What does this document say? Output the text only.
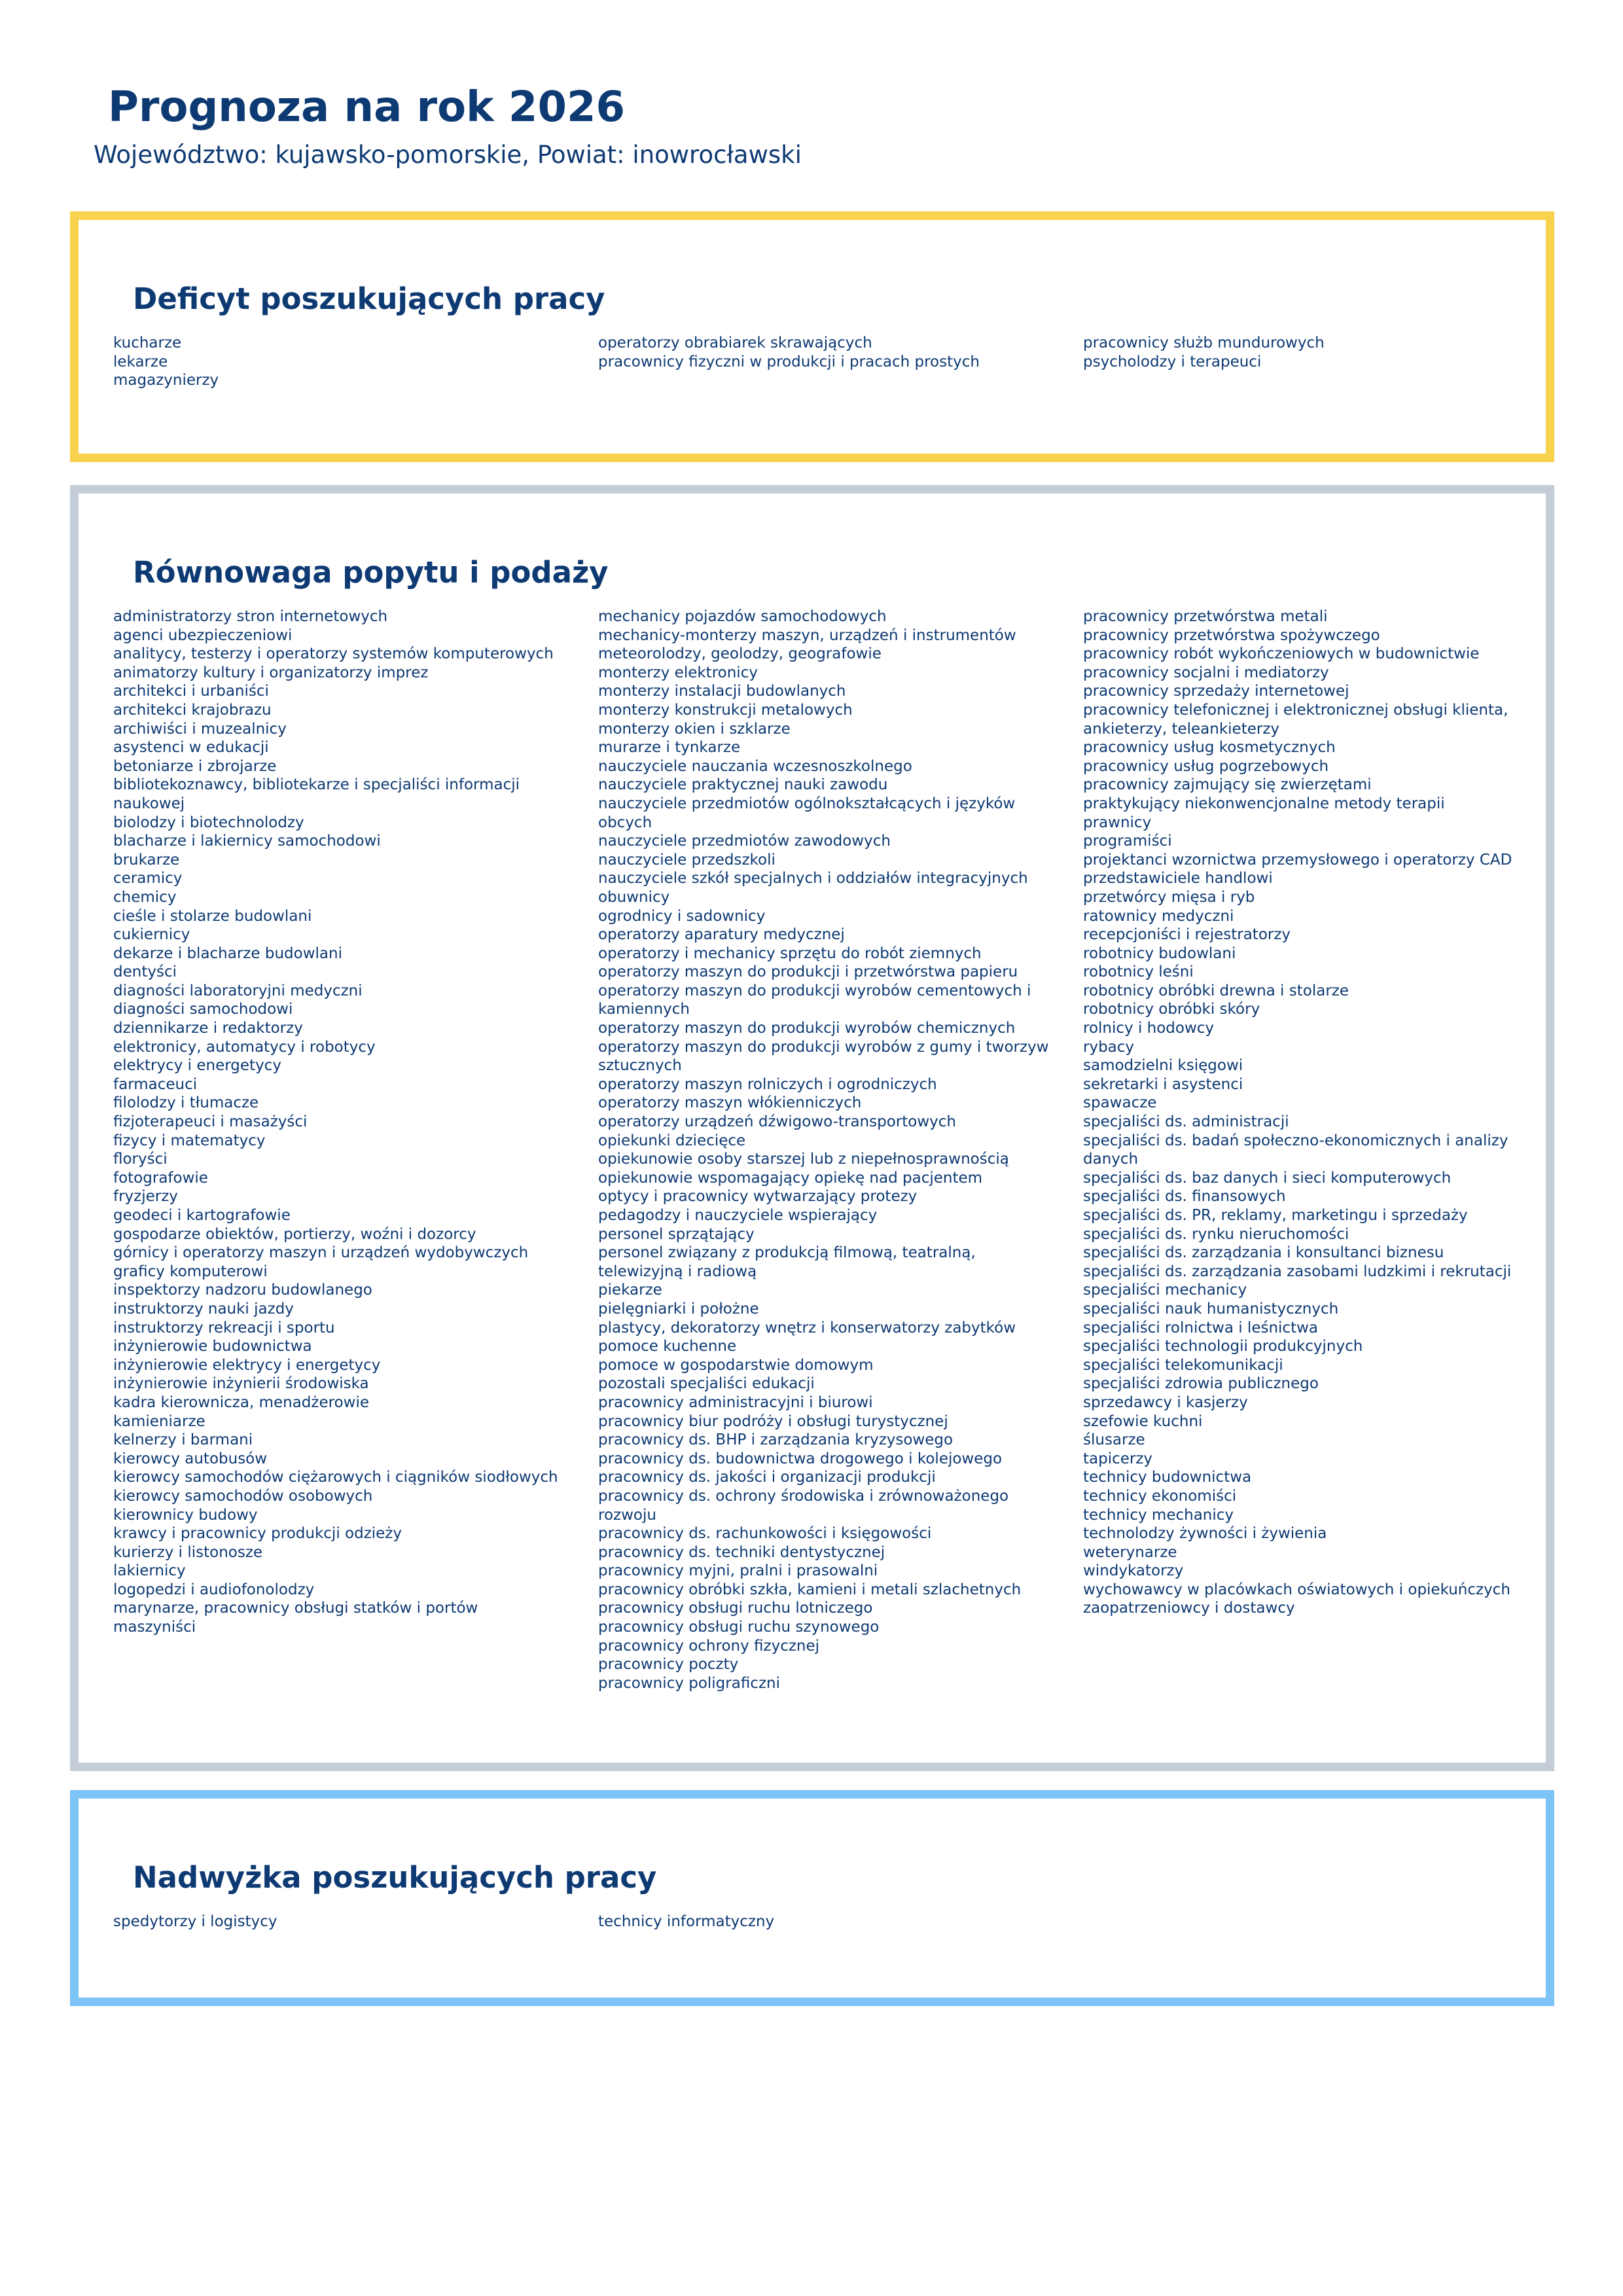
Prognoza na rok 2026

Województwo: kujawsko-pomorskie, Powiat: inowrocławski

Deficyt poszukujących pracy
kucharze
lekarze
magazynierzy
operatorzy obrabiarek skrawających
pracownicy fizyczni w produkcji i pracach prostych
pracownicy służb mundurowych
psycholodzy i terapeuci
Równowaga popytu i podaży
administratorzy stron internetowych
agenci ubezpieczeniowi
analitycy, testerzy i operatorzy systemów komputerowych
animatorzy kultury i organizatorzy imprez
architekci i urbaniści
architekci krajobrazu
archiwiści i muzealnicy
asystenci w edukacji
betoniarze i zbrojarze
bibliotekoznawcy, bibliotekarze i specjaliści informacji naukowej
biolodzy i biotechnolodzy
blacharze i lakiernicy samochodowi
brukarze
ceramicy
chemicy
cieśle i stolarze budowlani
cukiernicy
dekarze i blacharze budowlani
dentyści
diagności laboratoryjni medyczni
diagności samochodowi
dziennikarze i redaktorzy
elektronicy, automatycy i robotycy
elektrycy i energetycy
farmaceuci
filolodzy i tłumacze
fizjoterapeuci i masażyści
fizycy i matematycy
floryści
fotografowie
fryzjerzy
geodeci i kartografowie
gospodarze obiektów, portierzy, woźni i dozorcy
górnicy i operatorzy maszyn i urządzeń wydobywczych
graficy komputerowi
inspektorzy nadzoru budowlanego
instruktorzy nauki jazdy
instruktorzy rekreacji i sportu
inżynierowie budownictwa
inżynierowie elektrycy i energetycy
inżynierowie inżynierii środowiska
kadra kierownicza, menadżerowie
kamieniarze
kelnerzy i barmani
kierowcy autobusów
kierowcy samochodów ciężarowych i ciągników siodłowych
kierowcy samochodów osobowych
kierownicy budowy
krawcy i pracownicy produkcji odzieży
kurierzy i listonosze
lakiernicy
logopedzi i audiofonolodzy
marynarze, pracownicy obsługi statków i portów
maszyniści
mechanicy pojazdów samochodowych
mechanicy-monterzy maszyn, urządzeń i instrumentów
meteorolodzy, geolodzy, geografowie
monterzy elektronicy
monterzy instalacji budowlanych
monterzy konstrukcji metalowych
monterzy okien i szklarze
murarze i tynkarze
nauczyciele nauczania wczesnoszkolnego
nauczyciele praktycznej nauki zawodu
nauczyciele przedmiotów ogólnokształcących i języków obcych
nauczyciele przedmiotów zawodowych
nauczyciele przedszkoli
nauczyciele szkół specjalnych i oddziałów integracyjnych
obuwnicy
ogrodnicy i sadownicy
operatorzy aparatury medycznej
operatorzy i mechanicy sprzętu do robót ziemnych
operatorzy maszyn do produkcji i przetwórstwa papieru
operatorzy maszyn do produkcji wyrobów cementowych i kamiennych
operatorzy maszyn do produkcji wyrobów chemicznych
operatorzy maszyn do produkcji wyrobów z gumy i tworzyw sztucznych
operatorzy maszyn rolniczych i ogrodniczych
operatorzy maszyn włókienniczych
operatorzy urządzeń dźwigowo-transportowych
opiekunki dziecięce
opiekunowie osoby starszej lub z niepełnosprawnością
opiekunowie wspomagający opiekę nad pacjentem
optycy i pracownicy wytwarzający protezy
pedagodzy i nauczyciele wspierający
personel sprzątający
personel związany z produkcją filmową, teatralną, telewizyjną i radiową
piekarze
pielęgniarki i położne
plastycy, dekoratorzy wnętrz i konserwatorzy zabytków
pomoce kuchenne
pomoce w gospodarstwie domowym
pozostali specjaliści edukacji
pracownicy administracyjni i biurowi
pracownicy biur podróży i obsługi turystycznej
pracownicy ds. BHP i zarządzania kryzysowego
pracownicy ds. budownictwa drogowego i kolejowego
pracownicy ds. jakości i organizacji produkcji
pracownicy ds. ochrony środowiska i zrównoważonego rozwoju
pracownicy ds. rachunkowości i księgowości
pracownicy ds. techniki dentystycznej
pracownicy myjni, pralni i prasowalni
pracownicy obróbki szkła, kamieni i metali szlachetnych
pracownicy obsługi ruchu lotniczego
pracownicy obsługi ruchu szynowego
pracownicy ochrony fizycznej
pracownicy poczty
pracownicy poligraficzni
pracownicy przetwórstwa metali
pracownicy przetwórstwa spożywczego
pracownicy robót wykończeniowych w budownictwie
pracownicy socjalni i mediatorzy
pracownicy sprzedaży internetowej
pracownicy telefonicznej i elektronicznej obsługi klienta, ankieterzy, teleankieterzy
pracownicy usług kosmetycznych
pracownicy usług pogrzebowych
pracownicy zajmujący się zwierzętami
praktykujący niekonwencjonalne metody terapii
prawnicy
programiści
projektanci wzornictwa przemysłowego i operatorzy CAD
przedstawiciele handlowi
przetwórcy mięsa i ryb
ratownicy medyczni
recepcjoniści i rejestratorzy
robotnicy budowlani
robotnicy leśni
robotnicy obróbki drewna i stolarze
robotnicy obróbki skóry
rolnicy i hodowcy
rybacy
samodzielni księgowi
sekretarki i asystenci
spawacze
specjaliści ds. administracji
specjaliści ds. badań społeczno-ekonomicznych i analizy danych
specjaliści ds. baz danych i sieci komputerowych
specjaliści ds. finansowych
specjaliści ds. PR, reklamy, marketingu i sprzedaży
specjaliści ds. rynku nieruchomości
specjaliści ds. zarządzania i konsultanci biznesu
specjaliści ds. zarządzania zasobami ludzkimi i rekrutacji
specjaliści mechanicy
specjaliści nauk humanistycznych
specjaliści rolnictwa i leśnictwa
specjaliści technologii produkcyjnych
specjaliści telekomunikacji
specjaliści zdrowia publicznego
sprzedawcy i kasjerzy
szefowie kuchni
ślusarze
tapicerzy
technicy budownictwa
technicy ekonomiści
technicy mechanicy
technolodzy żywności i żywienia
weterynarze
windykatorzy
wychowawcy w placówkach oświatowych i opiekuńczych
zaopatrzeniowcy i dostawcy
Nadwyżka poszukujących pracy
spedytorzy i logistycy	technicy informatyczny
